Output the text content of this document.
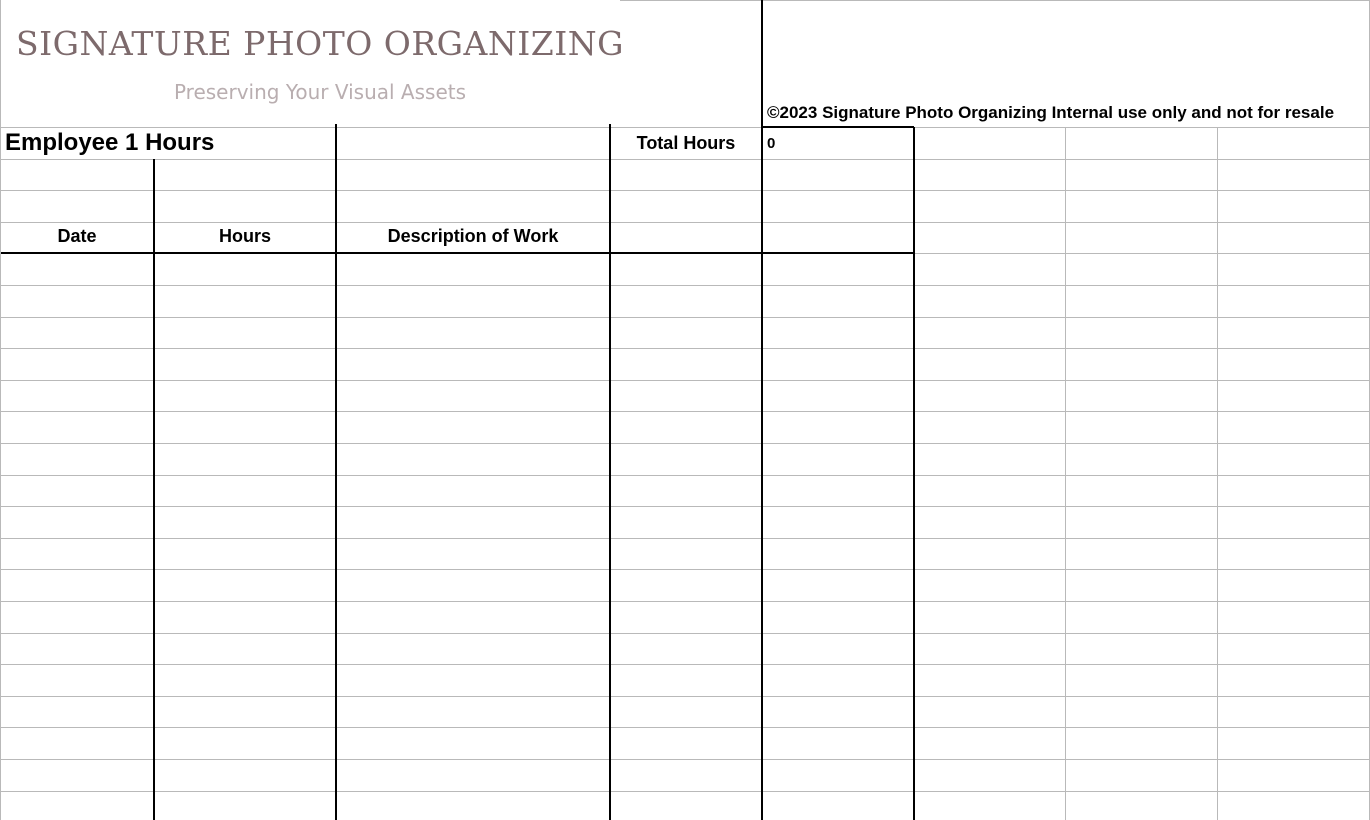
SIGNATURE PHOTO ORGANIZING
Preserving Your Visual Assets
©2023 Signature Photo Organizing Internal use only and not for resale
Employee 1 Hours	Total Hours	0
Date	Hours	Description of Work
